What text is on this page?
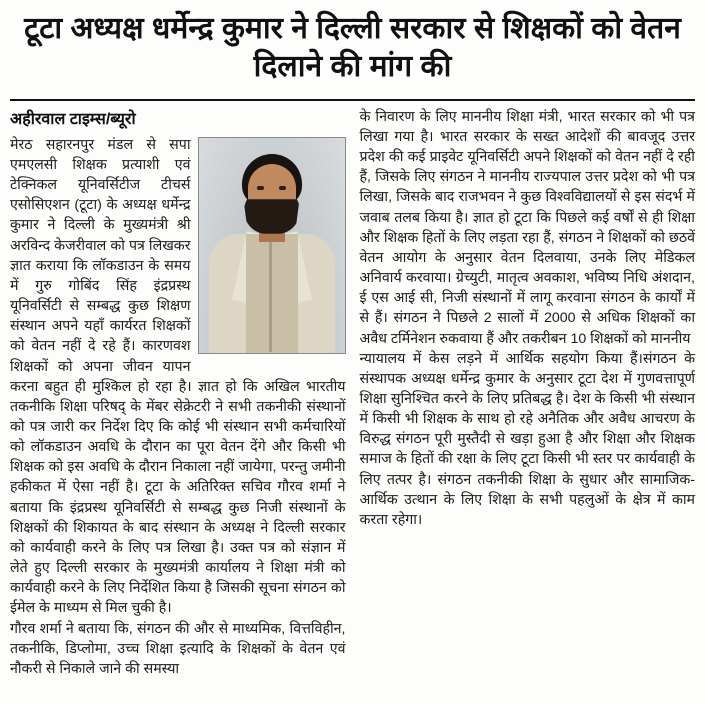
टूटा अध्यक्ष धर्मेन्द्र कुमार ने दिल्ली सरकार से शिक्षकों को वेतन दिलाने की मांग की
अहीरवाल टाइम्स/ब्यूरो

मेरठ सहारनपुर मंडल से सपा एमएलसी शिक्षक प्रत्याशी एवं टेक्निकल यूनिवर्सिटीज टीचर्स एसोसिएशन (टूटा) के अध्यक्ष धर्मेन्द्र कुमार ने दिल्ली के मुख्यमंत्री श्री अरविन्द केजरीवाल को पत्र लिखकर ज्ञात कराया कि लॉकडाउन के समय में गुरु गोबिंद सिंह इंद्रप्रस्थ यूनिवर्सिटी से सम्बद्ध कुछ शिक्षण संस्थान अपने यहाँ कार्यरत शिक्षकों को वेतन नहीं दे रहे हैं। कारणवश शिक्षकों को अपना जीवन यापन करना बहुत ही मुश्किल हो रहा है। ज्ञात हो कि अखिल भारतीय तकनीकि शिक्षा परिषद् के मेंबर सेक्रेटरी ने सभी तकनीकी संस्थानों को पत्र जारी कर निर्देश दिए कि कोई भी संस्थान सभी कर्मचारियों को लॉकडाउन अवधि के दौरान का पूरा वेतन देंगे और किसी भी शिक्षक को इस अवधि के दौरान निकाला नहीं जायेगा, परन्तु जमीनी हकीकत में ऐसा नहीं है। टूटा के अतिरिक्त सचिव गौरव शर्मा ने बताया कि इंद्रप्रस्थ यूनिवर्सिटी से सम्बद्ध कुछ निजी संस्थानों के शिक्षकों की शिकायत के बाद संस्थान के अध्यक्ष ने दिल्ली सरकार को कार्यवाही करने के लिए पत्र लिखा है। उक्त पत्र को संज्ञान में लेते हुए दिल्ली सरकार के मुख्यमंत्री कार्यालय ने शिक्षा मंत्री को कार्यवाही करने के लिए निर्देशित किया है जिसकी सूचना संगठन को ईमेल के माध्यम से मिल चुकी है।

गौरव शर्मा ने बताया कि, संगठन की और से माध्यमिक, वित्तविहीन, तकनीकि, डिप्लोमा, उच्च शिक्षा इत्यादि के शिक्षकों के वेतन एवं नौकरी से निकाले जाने की समस्या

के निवारण के लिए माननीय शिक्षा मंत्री, भारत सरकार को भी पत्र लिखा गया है। भारत सरकार के सख्त आदेशों की बावजूद उत्तर प्रदेश की कई प्राइवेट यूनिवर्सिटी अपने शिक्षकों को वेतन नहीं दे रही हैं, जिसके लिए संगठन ने माननीय राज्यपाल उत्तर प्रदेश को भी पत्र लिखा, जिसके बाद राजभवन ने कुछ विश्वविद्यालयों से इस संदर्भ में जवाब तलब किया है। ज्ञात हो टूटा कि पिछले कई वर्षों से ही शिक्षा और शिक्षक हितों के लिए लड़ता रहा हैं, संगठन ने शिक्षकों को छठवें वेतन आयोग के अनुसार वेतन दिलवाया, उनके लिए मेडिकल अनिवार्य करवाया। ग्रेच्युटी, मातृत्व अवकाश, भविष्य निधि अंशदान, ई एस आई सी, निजी संस्थानों में लागू करवाना संगठन के कार्यों में से हैं। संगठन ने पिछले 2 सालों में 2000 से अधिक शिक्षकों का अवैध टर्मिनेशन रुकवाया हैं और तकरीबन 10 शिक्षकों को माननीय

न्यायालय में केस लड़ने में आर्थिक सहयोग किया हैं।संगठन के संस्थापक अध्यक्ष धर्मेन्द्र कुमार के अनुसार टूटा देश में गुणवत्तापूर्ण शिक्षा सुनिश्चित करने के लिए प्रतिबद्ध है। देश के किसी भी संस्थान में किसी भी शिक्षक के साथ हो रहे अनैतिक और अवैध आचरण के विरुद्ध संगठन पूरी मुस्तैदी से खड़ा हुआ है और शिक्षा और शिक्षक समाज के हितों की रक्षा के लिए टूटा किसी भी स्तर पर कार्यवाही के लिए तत्पर है। संगठन तकनीकी शिक्षा के सुधार और सामाजिक-आर्थिक उत्थान के लिए शिक्षा के सभी पहलुओं के क्षेत्र में काम करता रहेगा।
